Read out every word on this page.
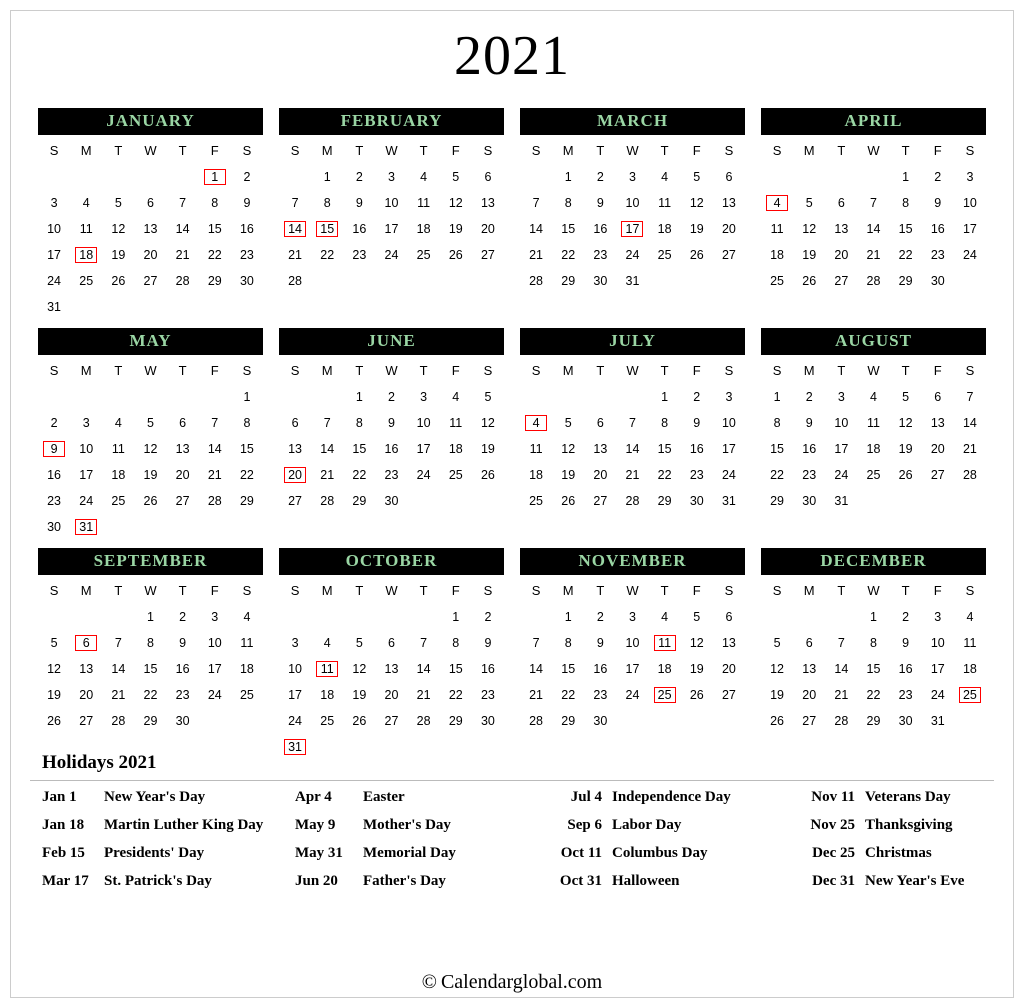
2021
JANUARY
S	M	T	W	T	F	S
					1	2
3	4	5	6	7	8	9
10	11	12	13	14	15	16
17	18	19	20	21	22	23
24	25	26	27	28	29	30
31						
FEBRUARY
S	M	T	W	T	F	S
	1	2	3	4	5	6
7	8	9	10	11	12	13
14	15	16	17	18	19	20
21	22	23	24	25	26	27
28						
MARCH
S	M	T	W	T	F	S
	1	2	3	4	5	6
7	8	9	10	11	12	13
14	15	16	17	18	19	20
21	22	23	24	25	26	27
28	29	30	31			
APRIL
S	M	T	W	T	F	S
				1	2	3
4	5	6	7	8	9	10
11	12	13	14	15	16	17
18	19	20	21	22	23	24
25	26	27	28	29	30	
MAY
S	M	T	W	T	F	S
						1
2	3	4	5	6	7	8
9	10	11	12	13	14	15
16	17	18	19	20	21	22
23	24	25	26	27	28	29
30	31					
JUNE
S	M	T	W	T	F	S
		1	2	3	4	5
6	7	8	9	10	11	12
13	14	15	16	17	18	19
20	21	22	23	24	25	26
27	28	29	30			
JULY
S	M	T	W	T	F	S
				1	2	3
4	5	6	7	8	9	10
11	12	13	14	15	16	17
18	19	20	21	22	23	24
25	26	27	28	29	30	31
AUGUST
S	M	T	W	T	F	S
1	2	3	4	5	6	7
8	9	10	11	12	13	14
15	16	17	18	19	20	21
22	23	24	25	26	27	28
29	30	31				
SEPTEMBER
S	M	T	W	T	F	S
			1	2	3	4
5	6	7	8	9	10	11
12	13	14	15	16	17	18
19	20	21	22	23	24	25
26	27	28	29	30		
OCTOBER
S	M	T	W	T	F	S
					1	2
3	4	5	6	7	8	9
10	11	12	13	14	15	16
17	18	19	20	21	22	23
24	25	26	27	28	29	30
31						
NOVEMBER
S	M	T	W	T	F	S
	1	2	3	4	5	6
7	8	9	10	11	12	13
14	15	16	17	18	19	20
21	22	23	24	25	26	27
28	29	30				
DECEMBER
S	M	T	W	T	F	S
			1	2	3	4
5	6	7	8	9	10	11
12	13	14	15	16	17	18
19	20	21	22	23	24	25
26	27	28	29	30	31	
Holidays 2021
Jan 1	New Year's Day
Jan 18	Martin Luther King Day
Feb 15	Presidents' Day
Mar 17	St. Patrick's Day
Apr 4	Easter
May 9	Mother's Day
May 31	Memorial Day
Jun 20	Father's Day
Jul 4 Independence Day
Sep 6 Labor Day
Oct 11 Columbus Day
Oct 31 Halloween
Nov 11 Veterans Day
Nov 25 Thanksgiving
Dec 25 Christmas
Dec 31 New Year's Eve
© Calendarglobal.com
